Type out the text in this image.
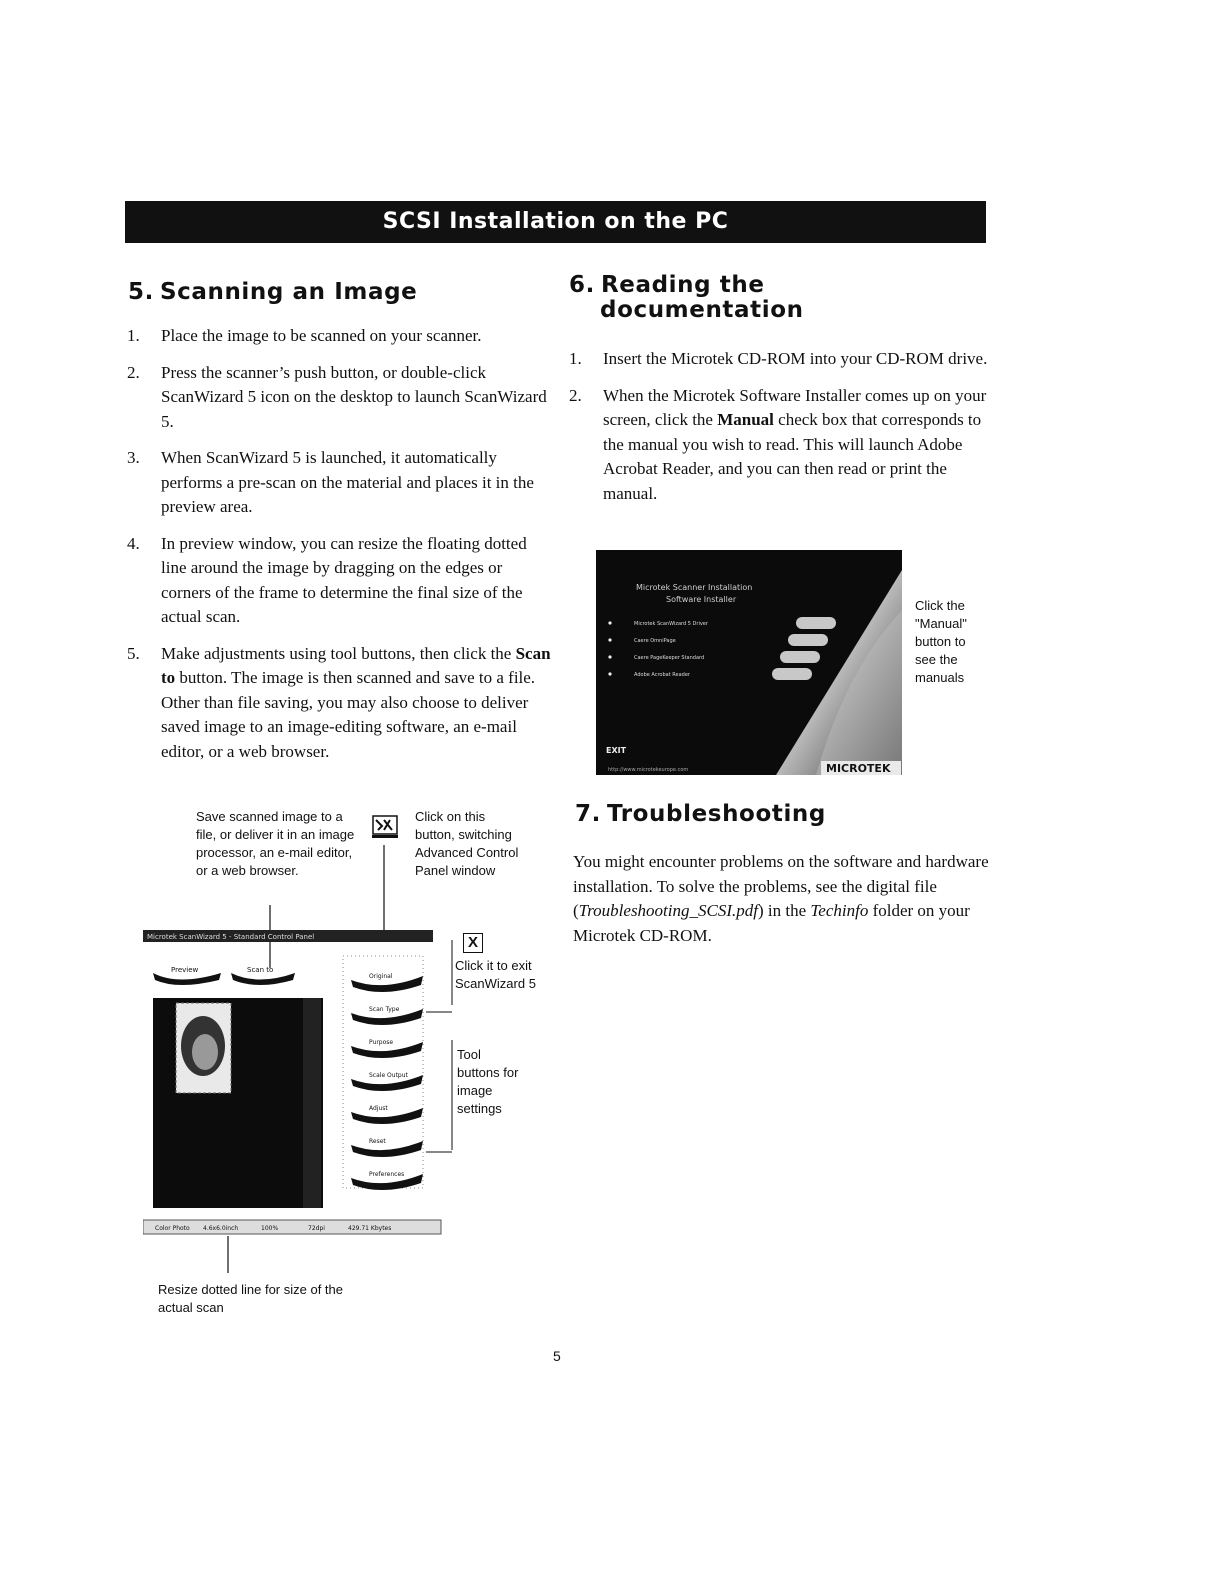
SCSI Installation on the PC
5. Scanning an Image
1. Place the image to be scanned on your scanner.
2. Press the scanner’s push button, or double-click ScanWizard 5 icon on the desktop to launch ScanWizard 5.
3. When ScanWizard 5 is launched, it automatically performs a pre-scan on the material and places it in the preview area.
4. In preview window, you can resize the floating dotted line around the image by dragging on the edges or corners of the frame to determine the final size of the actual scan.
5. Make adjustments using tool buttons, then click the Scan to button. The image is then scanned and save to a file. Other than file saving, you may also choose to deliver saved image to an image-editing software, an e-mail editor, or a web browser.
Save scanned image to a file, or deliver it in an image processor, an e-mail editor, or a web browser.
Click on this button, switching Advanced Control Panel window
Click it to exit ScanWizard 5
Tool buttons for image settings
Resize dotted line for size of the actual scan
Microtek ScanWizard 5 - Standard Control Panel
Preview	Scan to
Original
Scan Type
Purpose
Scale Output
Adjust
Reset
Preferences
Color Photo 4.6x6.0inch	100%	72dpi	429.71 Kbytes
X
6. Reading the
documentation
1. Insert the Microtek CD-ROM into your CD-ROM drive.
2. When the Microtek Software Installer comes up on your screen, click the Manual check box that corresponds to the manual you wish to read. This will launch Adobe Acrobat Reader, and you can then read or print the manual.
Microtek Scanner Installation
Software Installer
Microtek ScanWizard 5 Driver
Caere OmniPage
Caere PageKeeper Standard
Adobe Acrobat Reader
EXIT
http://www.microtekeurope.com	MICROTEK
Click the "Manual" button to see the manuals
7. Troubleshooting

You might encounter problems on the software and hardware installation. To solve the problems, see the digital file (Troubleshooting_SCSI.pdf) in the Techinfo folder on your Microtek CD-ROM.

5
